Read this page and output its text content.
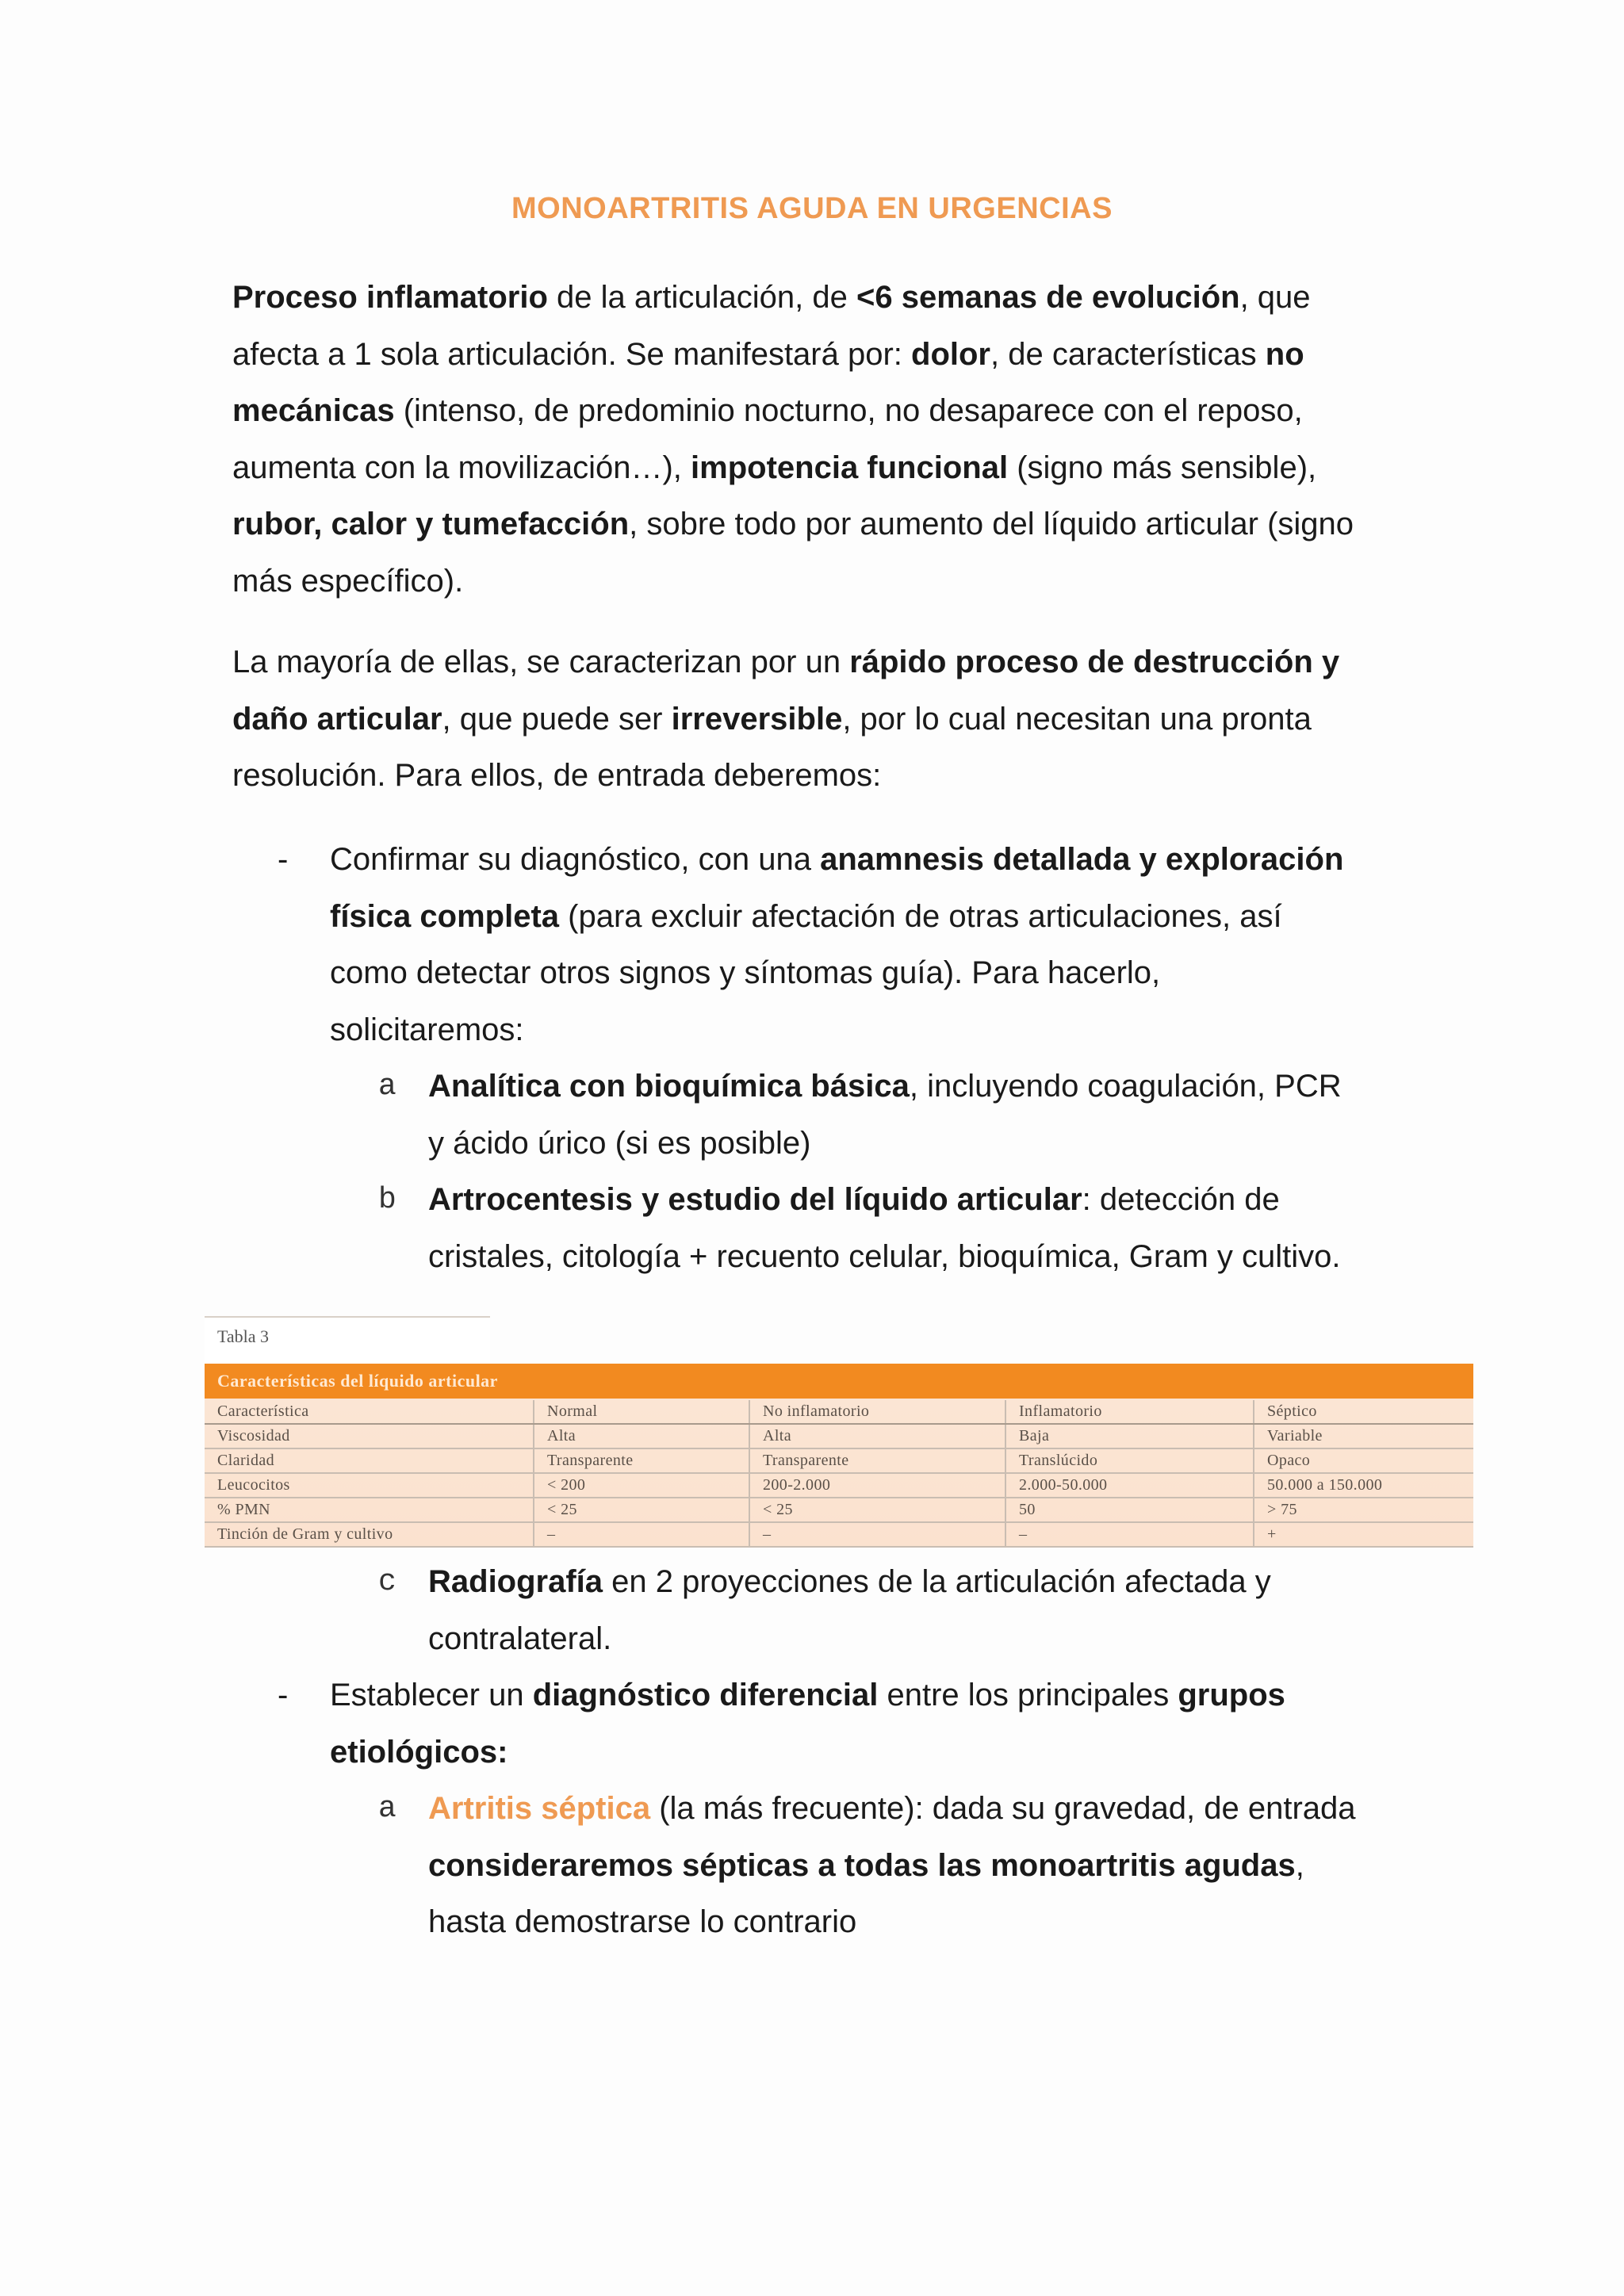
MONOARTRITIS AGUDA EN URGENCIAS
Proceso inflamatorio de la articulación, de <6 semanas de evolución, que
afecta a 1 sola articulación. Se manifestará por: dolor, de características no
mecánicas (intenso, de predominio nocturno, no desaparece con el reposo,
aumenta con la movilización…), impotencia funcional (signo más sensible),
rubor, calor y tumefacción, sobre todo por aumento del líquido articular (signo
más específico).
La mayoría de ellas, se caracterizan por un rápido proceso de destrucción y
daño articular, que puede ser irreversible, por lo cual necesitan una pronta
resolución. Para ellos, de entrada deberemos:
- Confirmar su diagnóstico, con una anamnesis detallada y exploración
física completa (para excluir afectación de otras articulaciones, así
como detectar otros signos y síntomas guía). Para hacerlo,
solicitaremos:
a Analítica con bioquímica básica, incluyendo coagulación, PCR
y ácido úrico (si es posible)
b Artrocentesis y estudio del líquido articular: detección de
cristales, citología + recuento celular, bioquímica, Gram y cultivo.
Tabla 3
Características del líquido articular
Característica	Normal	No inflamatorio	Inflamatorio	Séptico
Viscosidad	Alta	Alta	Baja	Variable
Claridad	Transparente	Transparente	Translúcido	Opaco
Leucocitos	< 200	200-2.000	2.000-50.000	50.000 a 150.000
% PMN	< 25	< 25	50	> 75
Tinción de Gram y cultivo	–	–	–	+
c Radiografía en 2 proyecciones de la articulación afectada y
contralateral.
- Establecer un diagnóstico diferencial entre los principales grupos
etiológicos:
a Artritis séptica (la más frecuente): dada su gravedad, de entrada
consideraremos sépticas a todas las monoartritis agudas,
hasta demostrarse lo contrario
